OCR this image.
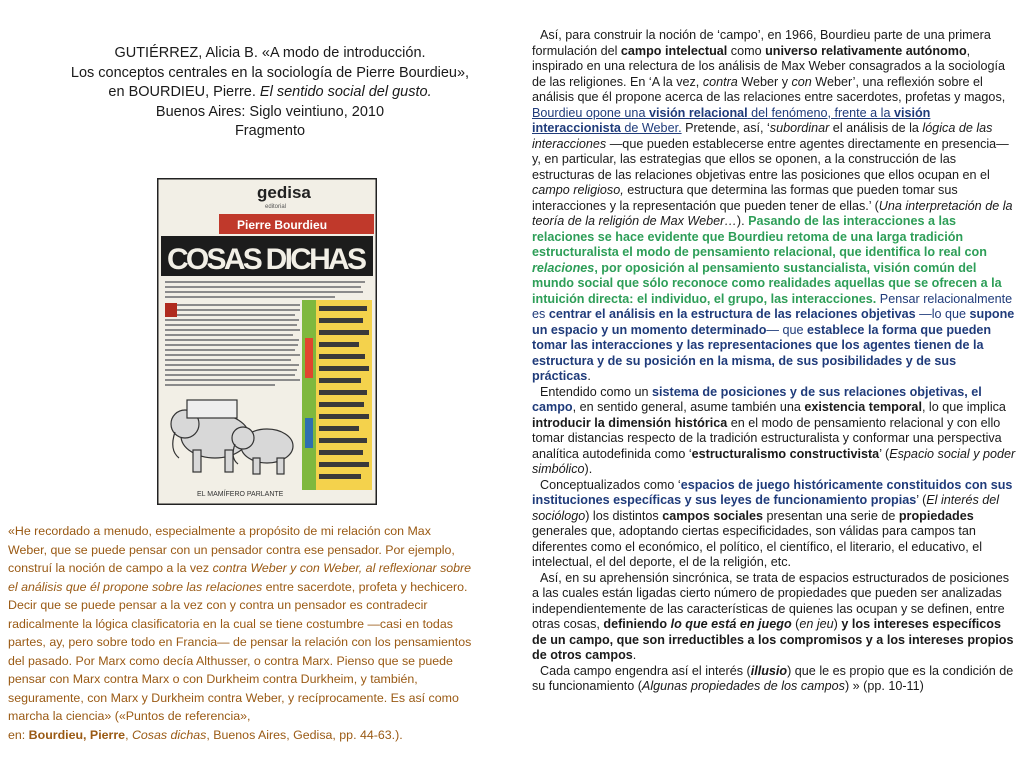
GUTIÉRREZ, Alicia B. «A modo de introducción.

Los conceptos centrales en la sociología de Pierre Bourdieu»,

en BOURDIEU, Pierre. El sentido social del gusto.

Buenos Aires: Siglo veintiuno, 2010

Fragmento

gedisa
editorial
Pierre Bourdieu
COSAS DICHAS
EL MAMÍFERO PARLANTE

«He recordado a menudo, especialmente a propósito de mi relación con Max

Weber, que se puede pensar con un pensador contra ese pensador. Por ejemplo,

construí la noción de campo a la vez contra Weber y con Weber, al reflexionar sobre

el análisis que él propone sobre las relaciones entre sacerdote, profeta y hechicero.

Decir que se puede pensar a la vez con y contra un pensador es contradecir

radicalmente la lógica clasificatoria en la cual se tiene costumbre —casi en todas

partes, ay, pero sobre todo en Francia— de pensar la relación con los pensamientos

del pasado. Por Marx como decía Althusser, o contra Marx. Pienso que se puede

pensar con Marx contra Marx o con Durkheim contra Durkheim, y también,

seguramente, con Marx y Durkheim contra Weber, y recíprocamente. Es así como

marcha la ciencia» («Puntos de referencia»,

en: Bourdieu, Pierre, Cosas dichas, Buenos Aires, Gedisa, pp. 44-63.).

Así, para construir la noción de ‘campo’, en 1966, Bourdieu parte de una primera formulación del campo intelectual como universo relativamente autónomo, inspirado en una relectura de los análisis de Max Weber consagrados a la sociología de las religiones. En ‘A la vez, contra Weber y con Weber’, una reflexión sobre el análisis que él propone acerca de las relaciones entre sacerdotes, profetas y magos, Bourdieu opone una visión relacional del fenómeno, frente a la visión interaccionista de Weber. Pretende, así, ‘subordinar el análisis de la lógica de las interacciones —que pueden establecerse entre agentes directamente en presencia— y, en particular, las estrategias que ellos se oponen, a la construcción de las estructuras de las relaciones objetivas entre las posiciones que ellos ocupan en el campo religioso, estructura que determina las formas que pueden tomar sus interacciones y la representación que pueden tener de ellas.’ (Una interpretación de la teoría de la religión de Max Weber…). Pasando de las interacciones a las relaciones se hace evidente que Bourdieu retoma de una larga tradición estructuralista el modo de pensamiento relacional, que identifica lo real con relaciones, por oposición al pensamiento sustancialista, visión común del mundo social que sólo reconoce como realidades aquellas que se ofrecen a la intuición directa: el individuo, el grupo, las interacciones. Pensar relacionalmente es centrar el análisis en la estructura de las relaciones objetivas —lo que supone un espacio y un momento determinado— que establece la forma que pueden tomar las interacciones y las representaciones que los agentes tienen de la estructura y de su posición en la misma, de sus posibilidades y de sus prácticas.

Entendido como un sistema de posiciones y de sus relaciones objetivas, el campo, en sentido general, asume también una existencia temporal, lo que implica introducir la dimensión histórica en el modo de pensamiento relacional y con ello tomar distancias respecto de la tradición estructuralista y conformar una perspectiva analítica autodefinida como ‘estructuralismo constructivista’ (Espacio social y poder simbólico).

Conceptualizados como ‘espacios de juego históricamente constituidos con sus instituciones específicas y sus leyes de funcionamiento propias’ (El interés del sociólogo) los distintos campos sociales presentan una serie de propiedades generales que, adoptando ciertas especificidades, son válidas para campos tan diferentes como el económico, el político, el científico, el literario, el educativo, el intelectual, el del deporte, el de la religión, etc.

Así, en su aprehensión sincrónica, se trata de espacios estructurados de posiciones a las cuales están ligadas cierto número de propiedades que pueden ser analizadas independientemente de las características de quienes las ocupan y se definen, entre otras cosas, definiendo lo que está en juego (en jeu) y los intereses específicos de un campo, que son irreductibles a los compromisos y a los intereses propios de otros campos.

Cada campo engendra así el interés (illusio) que le es propio que es la condición de su funcionamiento (Algunas propiedades de los campos) » (pp. 10-11)
